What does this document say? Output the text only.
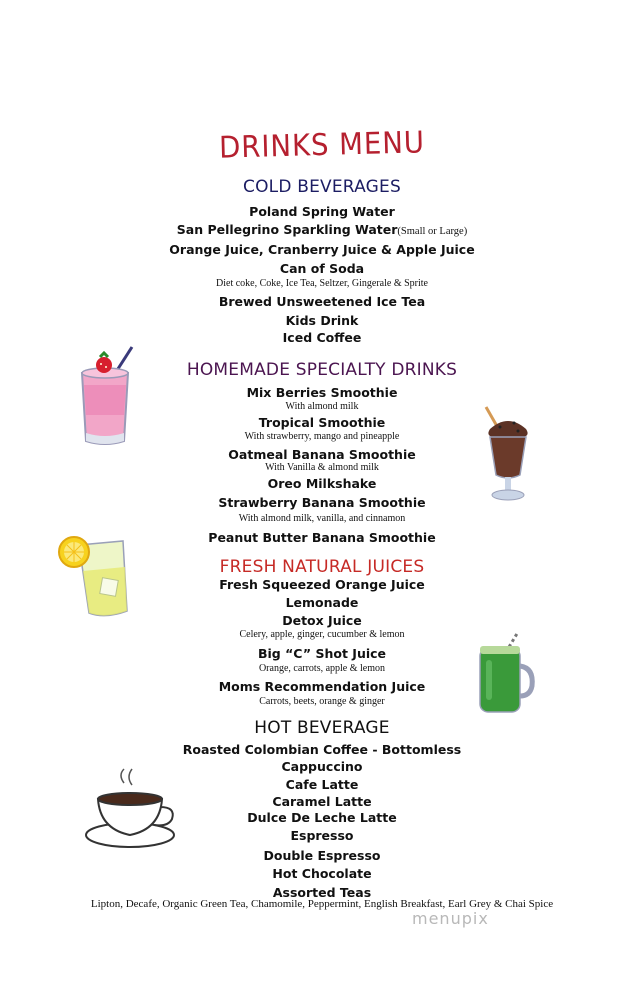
DRINKS MENU
COLD BEVERAGES
Poland Spring Water
San Pellegrino Sparkling Water(Small or Large)
Orange Juice, Cranberry Juice & Apple Juice
Can of Soda
Diet coke, Coke, Ice Tea, Seltzer, Gingerale & Sprite
Brewed Unsweetened Ice Tea
Kids Drink
Iced Coffee
HOMEMADE SPECIALTY DRINKS
Mix Berries Smoothie
With almond milk
Tropical Smoothie
With strawberry, mango and pineapple
Oatmeal Banana Smoothie
With Vanilla & almond milk
Oreo Milkshake
Strawberry Banana Smoothie
With almond milk, vanilla, and cinnamon
Peanut Butter Banana Smoothie
FRESH NATURAL JUICES
Fresh Squeezed Orange Juice
Lemonade
Detox Juice
Celery, apple, ginger, cucumber & lemon
Big “C” Shot Juice
Orange, carrots, apple & lemon
Moms Recommendation Juice
Carrots, beets, orange & ginger
HOT BEVERAGE
Roasted Colombian Coffee - Bottomless
Cappuccino
Cafe Latte
Caramel Latte
Dulce De Leche Latte
Espresso
Double Espresso
Hot Chocolate
Assorted Teas
Lipton, Decafe, Organic Green Tea, Chamomile, Peppermint, English Breakfast, Earl Grey & Chai Spice
menupix
